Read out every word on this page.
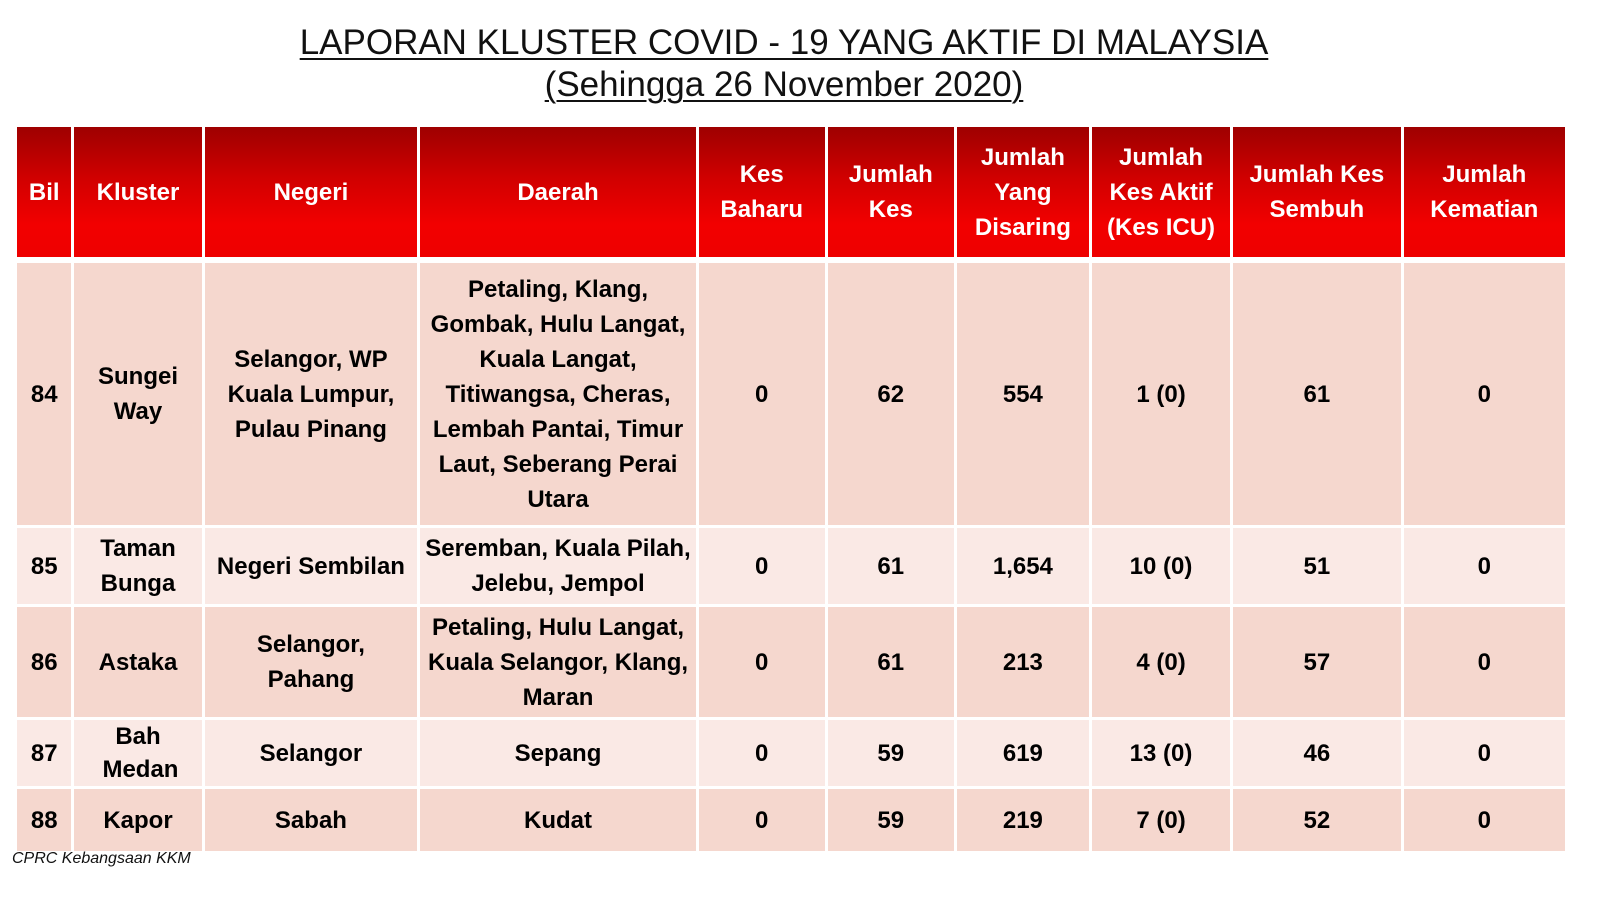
LAPORAN KLUSTER COVID - 19 YANG AKTIF DI MALAYSIA
(Sehingga 26 November 2020)
Bil	Kluster	Negeri	Daerah	Kes Baharu	Jumlah Kes	Jumlah Yang Disaring	Jumlah Kes Aktif (Kes ICU)	Jumlah Kes Sembuh	Jumlah Kematian

84	Sungei Way	Selangor, WP Kuala Lumpur, Pulau Pinang	Petaling, Klang, Gombak, Hulu Langat, Kuala Langat, Titiwangsa, Cheras, Lembah Pantai, Timur Laut, Seberang Perai Utara	0	62	554	1 (0)	61	0
85	Taman Bunga	Negeri Sembilan	Seremban, Kuala Pilah, Jelebu, Jempol	0	61	1,654	10 (0)	51	0
86	Astaka	Selangor, Pahang	Petaling, Hulu Langat, Kuala Selangor, Klang, Maran	0	61	213	4 (0)	57	0
87	Bah Medan	Selangor	Sepang	0	59	619	13 (0)	46	0
88	Kapor	Sabah	Kudat	0	59	219	7 (0)	52	0
CPRC Kebangsaan KKM
